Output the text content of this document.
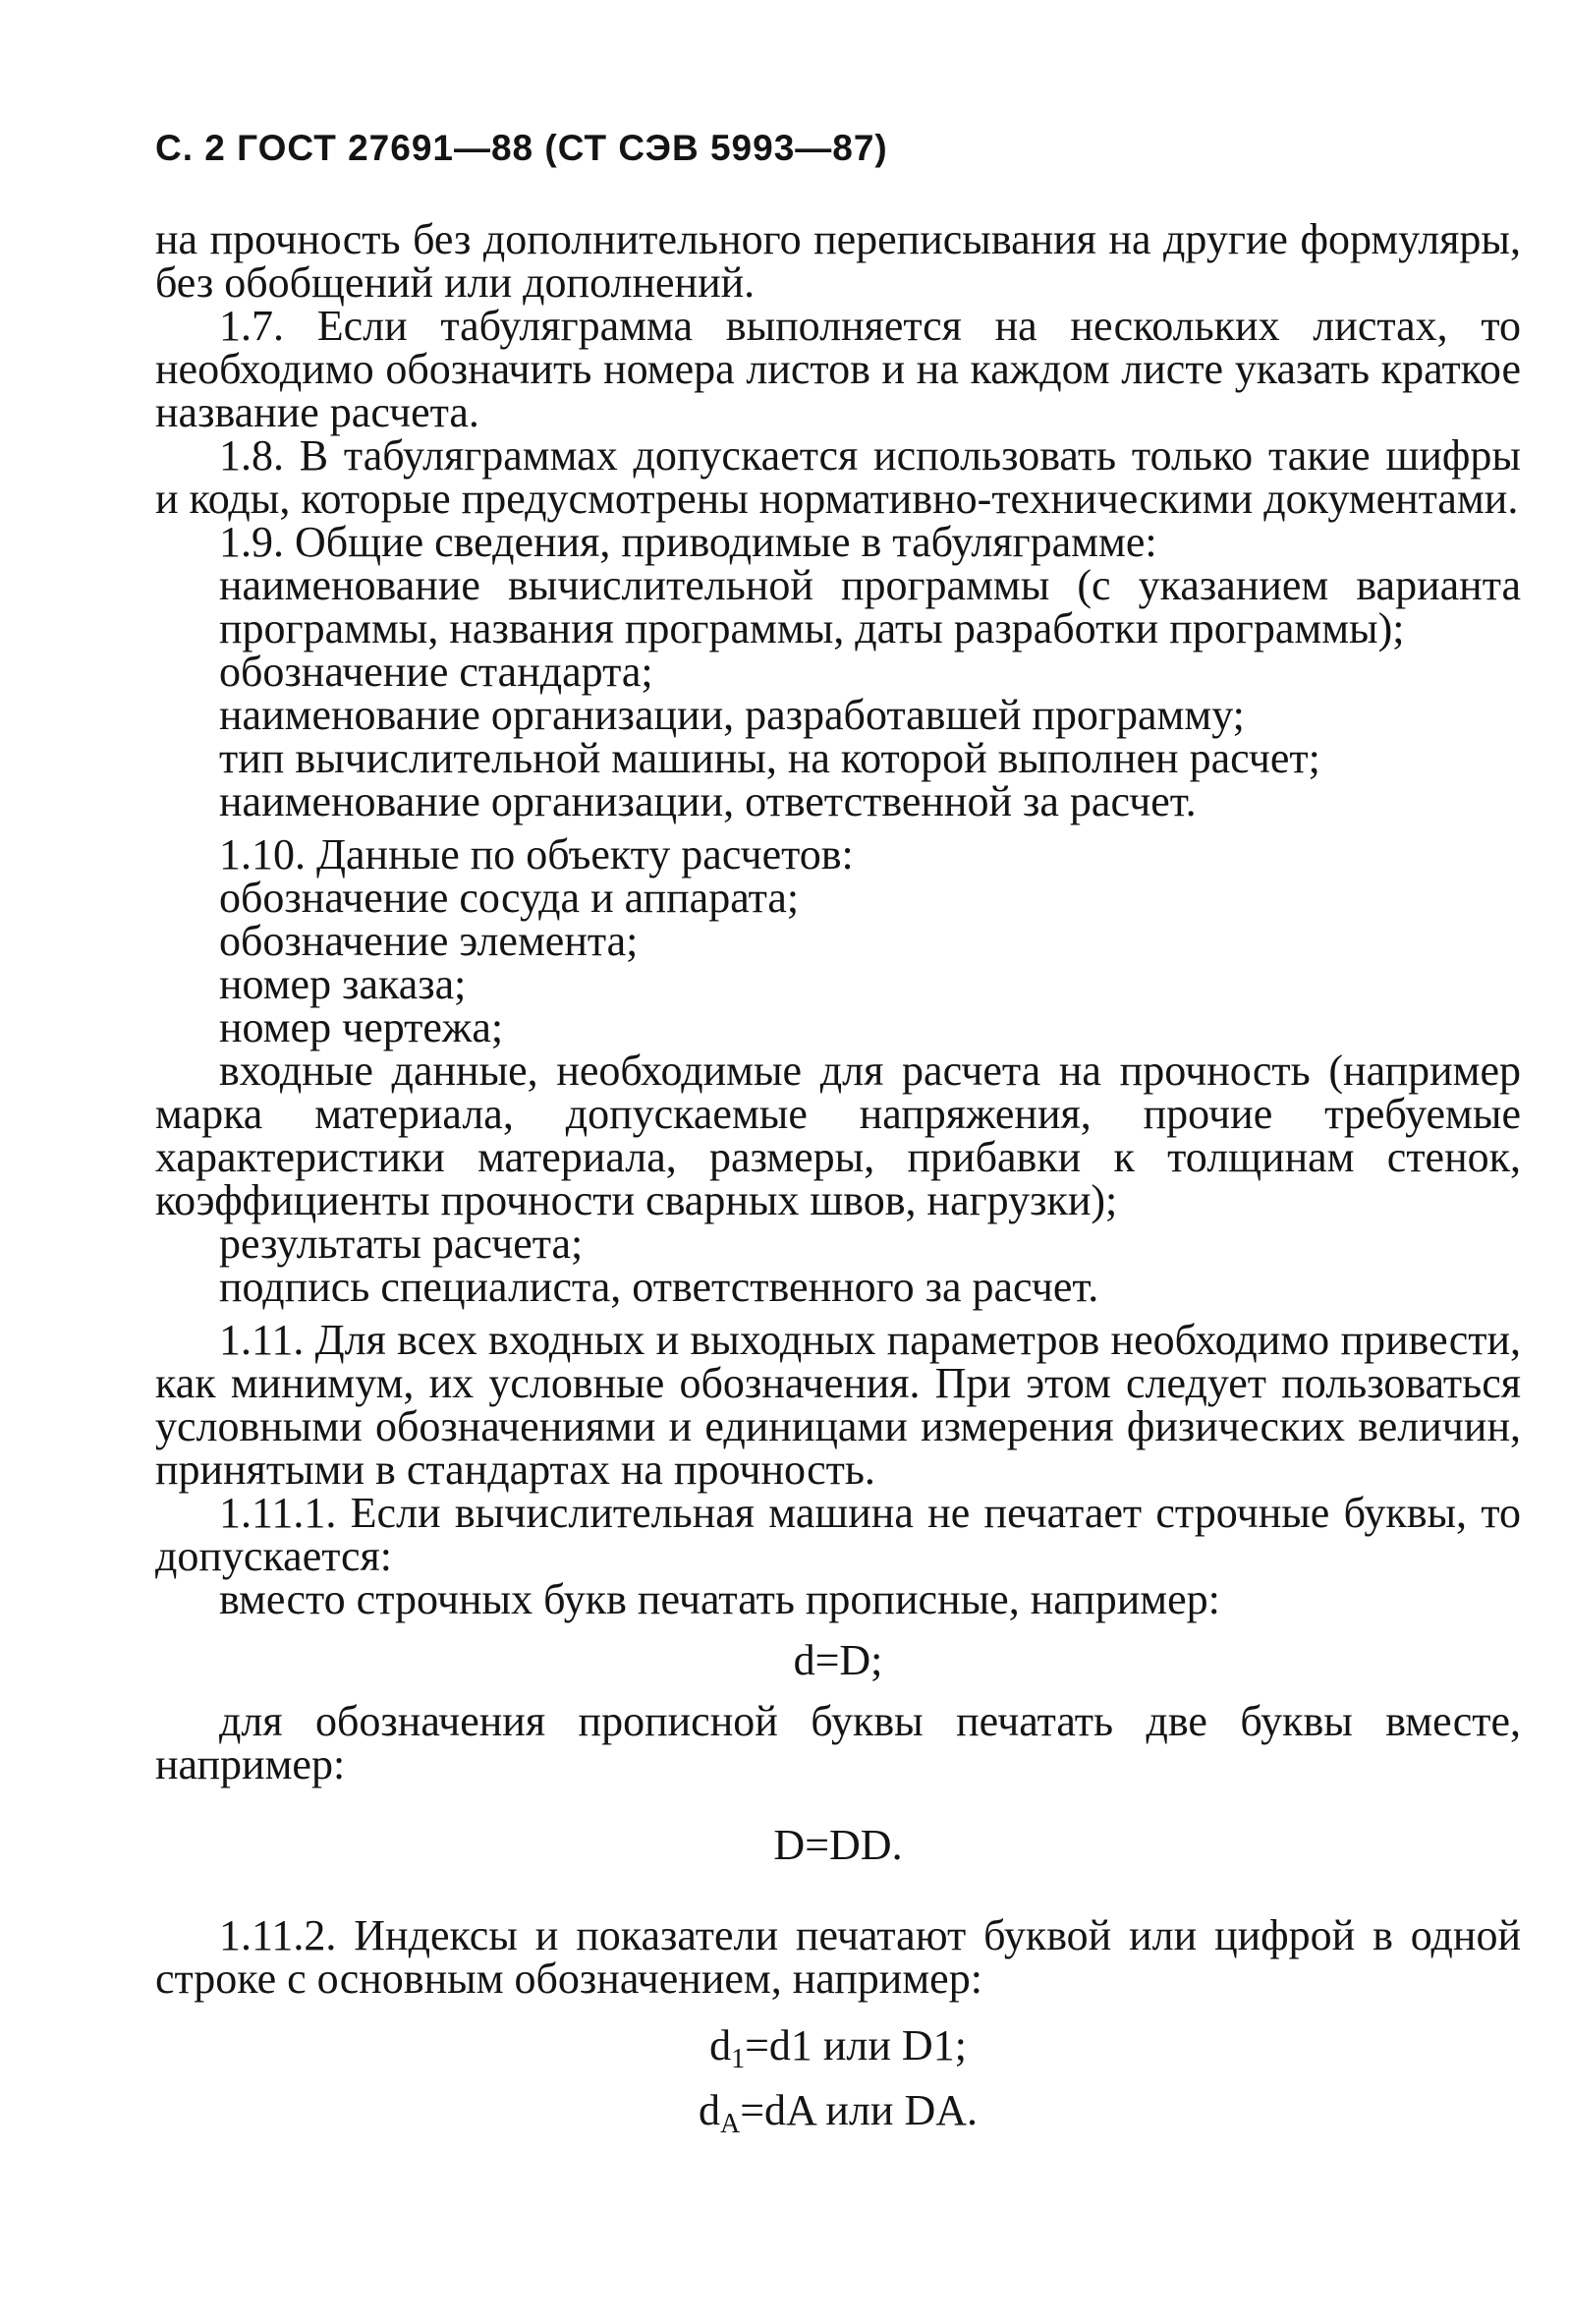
С. 2 ГОСТ 27691—88 (СТ СЭВ 5993—87)

на прочность без дополнительного переписывания на другие формуляры, без обобщений или дополнений.

1.7. Если табуляграмма выполняется на нескольких листах, то необходимо обозначить номера листов и на каждом листе указать краткое название расчета.

1.8. В табуляграммах допускается использовать только такие шифры и коды, которые предусмотрены нормативно-техническими документами.

1.9. Общие сведения, приводимые в табуляграмме:

наименование вычислительной программы (с указанием варианта программы, названия программы, даты разработки программы);

обозначение стандарта;

наименование организации, разработавшей программу;

тип вычислительной машины, на которой выполнен расчет;

наименование организации, ответственной за расчет.

1.10. Данные по объекту расчетов:

обозначение сосуда и аппарата;

обозначение элемента;

номер заказа;

номер чертежа;

входные данные, необходимые для расчета на прочность (например марка материала, допускаемые напряжения, прочие требуемые характеристики материала, размеры, прибавки к толщинам стенок, коэффициенты прочности сварных швов, нагрузки);

результаты расчета;

подпись специалиста, ответственного за расчет.

1.11. Для всех входных и выходных параметров необходимо привести, как минимум, их условные обозначения. При этом следует пользоваться условными обозначениями и единицами измерения физических величин, принятыми в стандартах на прочность.

1.11.1. Если вычислительная машина не печатает строчные буквы, то допускается:

вместо строчных букв печатать прописные, например:

d=D;

для обозначения прописной буквы печатать две буквы вместе, например:

D=DD.

1.11.2. Индексы и показатели печатают буквой или цифрой в одной строке с основным обозначением, например:

$d_1=d1$ или D1;
$d_A=dA$ или DA.
